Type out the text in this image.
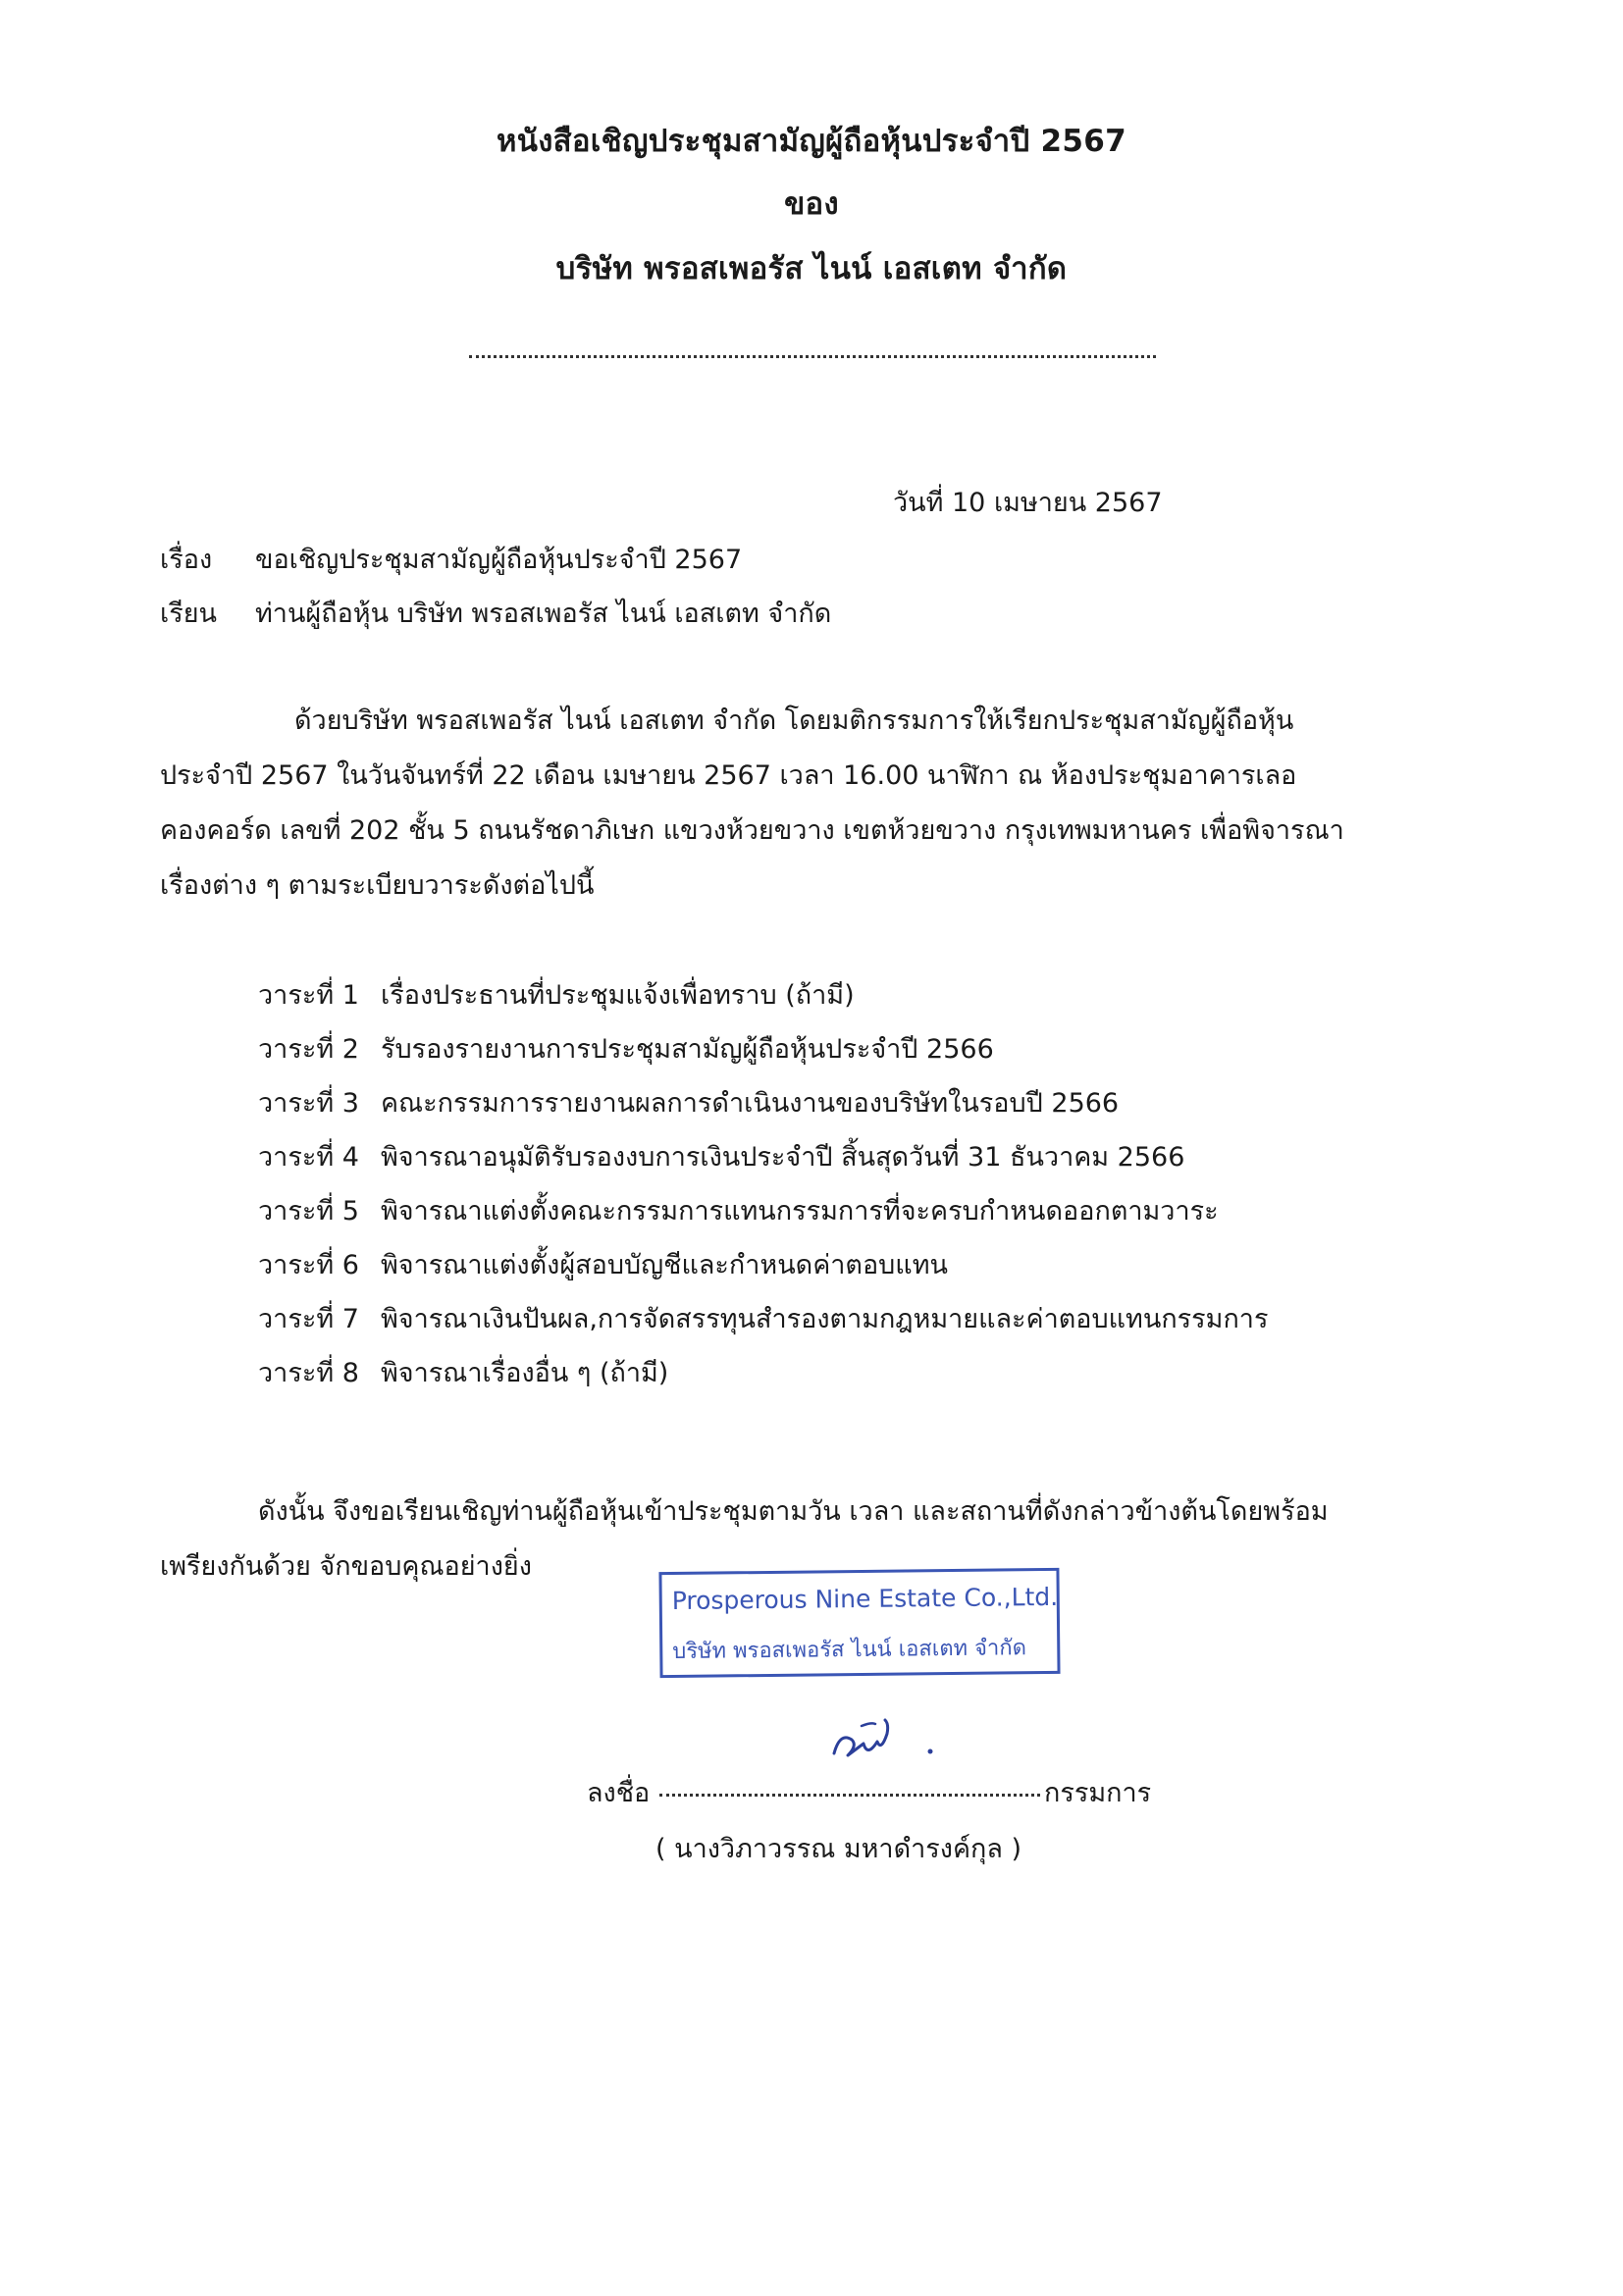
หนังสือเชิญประชุมสามัญผู้ถือหุ้นประจำปี 2567
ของ
บริษัท พรอสเพอรัส ไนน์ เอสเตท จำกัด
วันที่ 10 เมษายน 2567
เรื่อง ขอเชิญประชุมสามัญผู้ถือหุ้นประจำปี 2567
เรียน ท่านผู้ถือหุ้น บริษัท พรอสเพอรัส ไนน์ เอสเตท จำกัด
ด้วยบริษัท พรอสเพอรัส ไนน์ เอสเตท จำกัด โดยมติกรรมการให้เรียกประชุมสามัญผู้ถือหุ้น
ประจำปี 2567 ในวันจันทร์ที่ 22 เดือน เมษายน 2567 เวลา 16.00 นาฬิกา ณ ห้องประชุมอาคารเลอ
คองคอร์ด เลขที่ 202 ชั้น 5 ถนนรัชดาภิเษก แขวงห้วยขวาง เขตห้วยขวาง กรุงเทพมหานคร เพื่อพิจารณา
เรื่องต่าง ๆ ตามระเบียบวาระดังต่อไปนี้
วาระที่ 1 เรื่องประธานที่ประชุมแจ้งเพื่อทราบ (ถ้ามี)
วาระที่ 2 รับรองรายงานการประชุมสามัญผู้ถือหุ้นประจำปี 2566
วาระที่ 3 คณะกรรมการรายงานผลการดำเนินงานของบริษัทในรอบปี 2566
วาระที่ 4 พิจารณาอนุมัติรับรองงบการเงินประจำปี สิ้นสุดวันที่ 31 ธันวาคม 2566
วาระที่ 5 พิจารณาแต่งตั้งคณะกรรมการแทนกรรมการที่จะครบกำหนดออกตามวาระ
วาระที่ 6 พิจารณาแต่งตั้งผู้สอบบัญชีและกำหนดค่าตอบแทน
วาระที่ 7 พิจารณาเงินปันผล,การจัดสรรทุนสำรองตามกฎหมายและค่าตอบแทนกรรมการ
วาระที่ 8 พิจารณาเรื่องอื่น ๆ (ถ้ามี)
ดังนั้น จึงขอเรียนเชิญท่านผู้ถือหุ้นเข้าประชุมตามวัน เวลา และสถานที่ดังกล่าวข้างต้นโดยพร้อม
เพรียงกันด้วย จักขอบคุณอย่างยิ่ง
Prosperous Nine Estate Co.,Ltd.
บริษัท พรอสเพอรัส ไนน์ เอสเตท จำกัด
ลงชื่อ	กรรมการ
( นางวิภาวรรณ มหาดำรงค์กุล )
